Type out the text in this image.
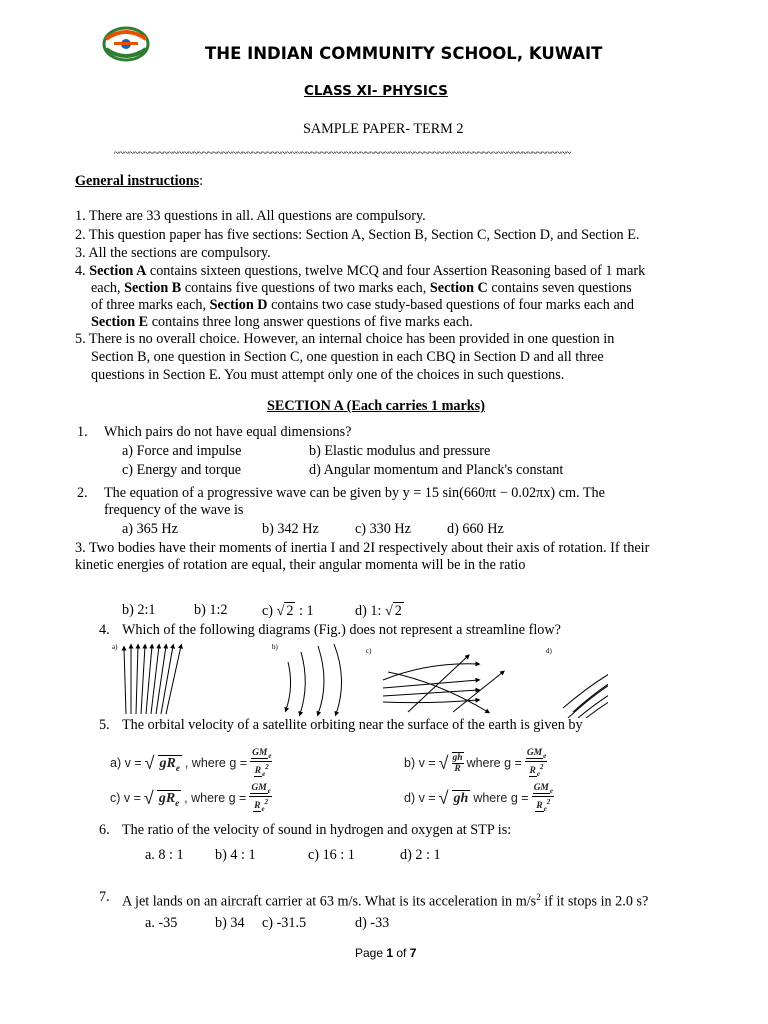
THE INDIAN COMMUNITY SCHOOL, KUWAIT
CLASS XI- PHYSICS
SAMPLE PAPER- TERM 2
~~~~~~~~~~~~~~~~~~~~~~~~~~~~~~~~~~~~~~~~~~~~~~~~~~~~~~~~~~~~~~~~~~~~~~~~~~~~~~~~~~~~~~~~~~~~~
General instructions:
1. There are 33 questions in all. All questions are compulsory.
2. This question paper has five sections: Section A, Section B, Section C, Section D, and Section E.
3. All the sections are compulsory.
4. Section A contains sixteen questions, twelve MCQ and four Assertion Reasoning based of 1 mark
each, Section B contains five questions of two marks each, Section C contains seven questions
of three marks each, Section D contains two case study-based questions of four marks each and
Section E contains three long answer questions of five marks each.
5. There is no overall choice. However, an internal choice has been provided in one question in
Section B, one question in Section C, one question in each CBQ in Section D and all three
questions in Section E. You must attempt only one of the choices in such questions.
SECTION A (Each carries 1 marks)
1. Which pairs do not have equal dimensions?
a) Force and impulse	b) Elastic modulus and pressure
c) Energy and torque	d) Angular momentum and Planck's constant
2. The equation of a progressive wave can be given by y = 15 sin(660πt − 0.02πx) cm. The
frequency of the wave is
a) 365 Hz	b) 342 Hz	c) 330 Hz	d) 660 Hz
3. Two bodies have their moments of inertia I and 2I respectively about their axis of rotation. If their
kinetic energies of rotation are equal, their angular momenta will be in the ratio
b) 2:1	b) 1:2 c) √ 2 : 1	d) 1: √ 2
4. Which of the following diagrams (Fig.) does not represent a streamline flow?
a)	b)	c)	d)
5. The orbital velocity of a satellite orbiting near the surface of the earth is given by
a) v = √ $gR_e$ , where $g = \frac{GM_e}{R_e^2}$	b) v = √ $\frac{gh}{R}$ where $g = \frac{GM_e}{R_e^2}$
c) v = √ $gR_e$ , where $g = \frac{GM_e}{R_e^2}$	d) v = √ gh where $g = \frac{GM_e}{R_e^2}$
6. The ratio of the velocity of sound in hydrogen and oxygen at STP is:
a. 8 : 1 b) 4 : 1	c) 16 : 1	d) 2 : 1
7. A jet lands on an aircraft carrier at 63 m/s. What is its acceleration in $m/s^2$ if it stops in 2.0 s?
a. -35	b) 34 c) -31.5	d) -33
Page 1 of 7
